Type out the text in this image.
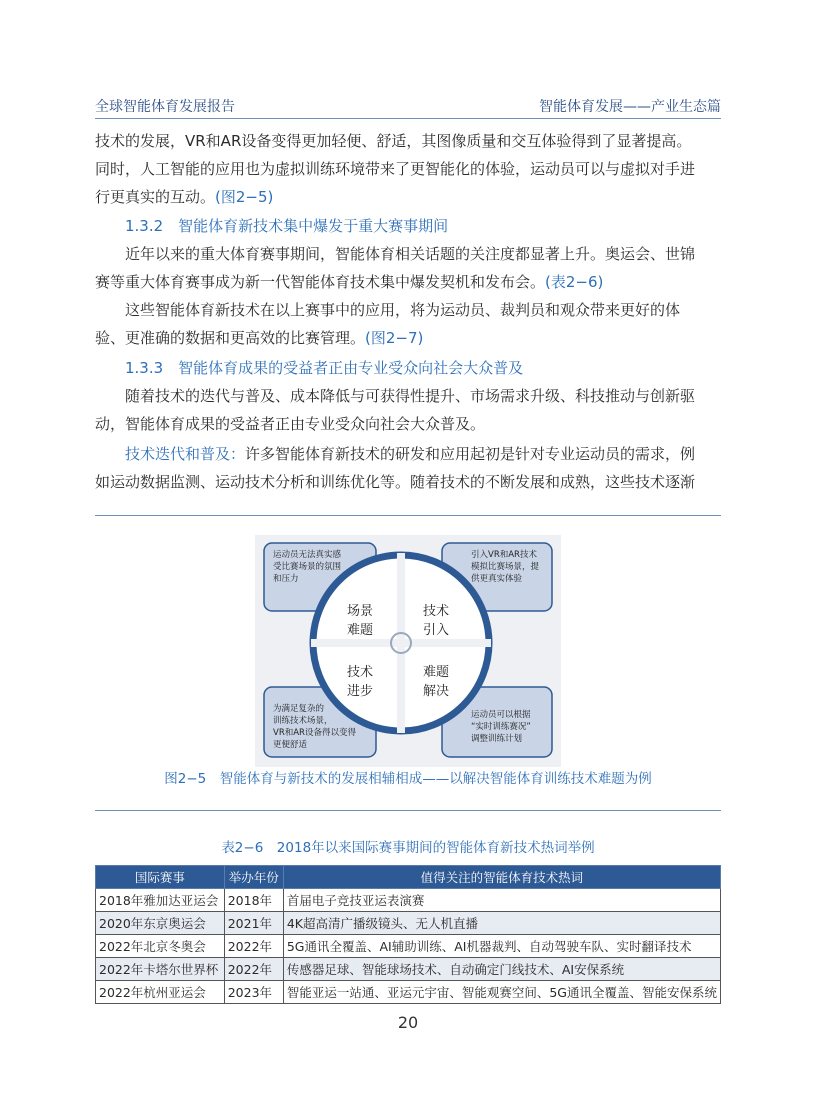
全球智能体育发展报告	智能体育发展——产业生态篇

技术的发展，VR和AR设备变得更加轻便、舒适，其图像质量和交互体验得到了显著提高。
同时，人工智能的应用也为虚拟训练环境带来了更智能化的体验，运动员可以与虚拟对手进
行更真实的互动。(图2−5)

1.3.2　智能体育新技术集中爆发于重大赛事期间

近年以来的重大体育赛事期间，智能体育相关话题的关注度都显著上升。奥运会、世锦
赛等重大体育赛事成为新一代智能体育技术集中爆发契机和发布会。(表2−6)

这些智能体育新技术在以上赛事中的应用，将为运动员、裁判员和观众带来更好的体
验、更准确的数据和更高效的比赛管理。(图2−7)

1.3.3　智能体育成果的受益者正由专业受众向社会大众普及

随着技术的迭代与普及、成本降低与可获得性提升、市场需求升级、科技推动与创新驱
动，智能体育成果的受益者正由专业受众向社会大众普及。

技术迭代和普及：许多智能体育新技术的研发和应用起初是针对专业运动员的需求，例
如运动数据监测、运动技术分析和训练优化等。随着技术的不断发展和成熟，这些技术逐渐

运动员无法真实感
受比赛场景的氛围
和压力
引入VR和AR技术
模拟比赛场景，提
供更真实体验
为满足复杂的
训练技术场景，
VR和AR设备得以变得
更便舒适
运动员可以根据
“实时训练赛况”
调整训练计划
场景
难题
技术
引入
技术
进步
难题
解决
图2−5　智能体育与新技术的发展相辅相成——以解决智能体育训练技术难题为例
表2−6　2018年以来国际赛事期间的智能体育新技术热词举例
国际赛事	举办年份	值得关注的智能体育技术热词
2018年雅加达亚运会	2018年	首届电子竞技亚运表演赛
2020年东京奥运会	2021年	4K超高清广播级镜头、无人机直播
2022年北京冬奥会	2022年	5G通讯全覆盖、AI辅助训练、AI机器裁判、自动驾驶车队、实时翻译技术
2022年卡塔尔世界杯	2022年	传感器足球、智能球场技术、自动确定门线技术、AI安保系统
2022年杭州亚运会	2023年	智能亚运一站通、亚运元宇宙、智能观赛空间、5G通讯全覆盖、智能安保系统
20
